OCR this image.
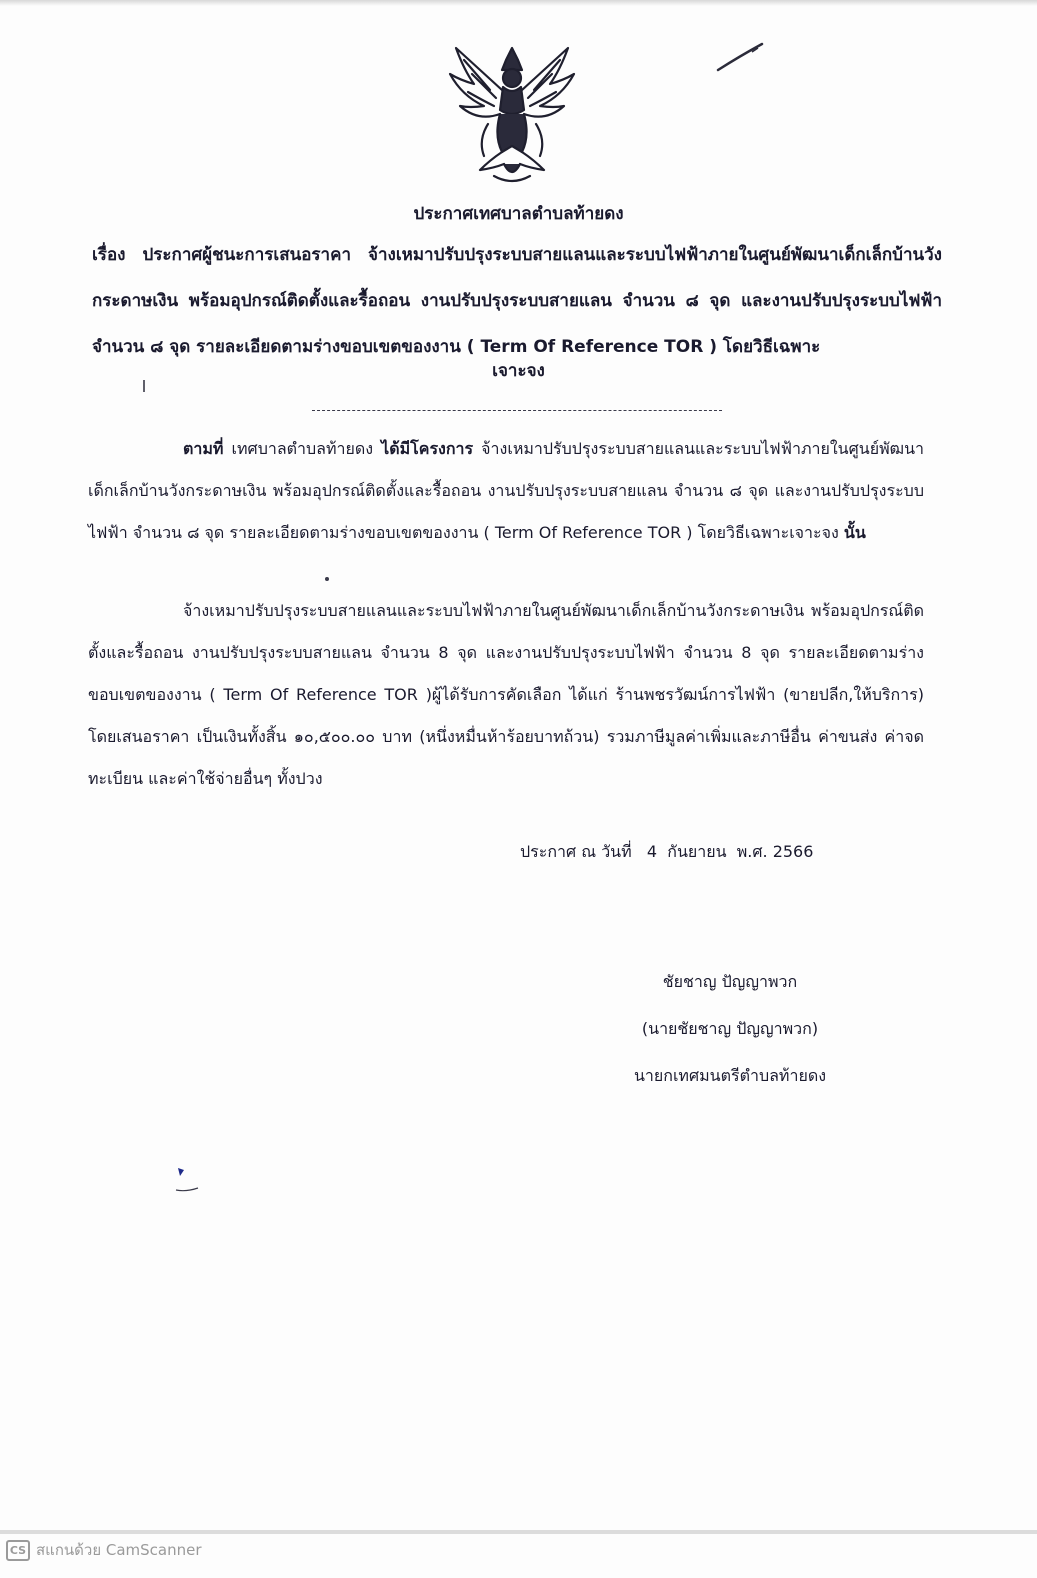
ประกาศเทศบาลตำบลท้ายดง
เรื่อง ประกาศผู้ชนะการเสนอราคา จ้างเหมาปรับปรุงระบบสายแลนและระบบไฟฟ้าภายในศูนย์พัฒนาเด็กเล็กบ้านวังกระดาษเงิน พร้อมอุปกรณ์ติดตั้งและรื้อถอน งานปรับปรุงระบบสายแลน จำนวน ๘ จุด และงานปรับปรุงระบบไฟฟ้า จำนวน ๘ จุด รายละเอียดตามร่างขอบเขตของงาน ( Term Of Reference TOR ) โดยวิธีเฉพาะ
เจาะจง
ตามที่ เทศบาลตำบลท้ายดง ได้มีโครงการ จ้างเหมาปรับปรุงระบบสายแลนและระบบไฟฟ้าภายในศูนย์พัฒนาเด็กเล็กบ้านวังกระดาษเงิน พร้อมอุปกรณ์ติดตั้งและรื้อถอน งานปรับปรุงระบบสายแลน จำนวน ๘ จุด และงานปรับปรุงระบบไฟฟ้า จำนวน ๘ จุด รายละเอียดตามร่างขอบเขตของงาน ( Term Of Reference TOR ) โดยวิธีเฉพาะเจาะจง นั้น
จ้างเหมาปรับปรุงระบบสายแลนและระบบไฟฟ้าภายในศูนย์พัฒนาเด็กเล็กบ้านวังกระดาษเงิน พร้อมอุปกรณ์ติดตั้งและรื้อถอน งานปรับปรุงระบบสายแลน จำนวน 8 จุด และงานปรับปรุงระบบไฟฟ้า จำนวน 8 จุด รายละเอียดตามร่างขอบเขตของงาน ( Term Of Reference TOR )ผู้ได้รับการคัดเลือก ได้แก่ ร้านพชรวัฒน์การไฟฟ้า (ขายปลีก,ให้บริการ) โดยเสนอราคา เป็นเงินทั้งสิ้น ๑๐,๕๐๐.๐๐ บาท (หนึ่งหมื่นห้าร้อยบาทถ้วน) รวมภาษีมูลค่าเพิ่มและภาษีอื่น ค่าขนส่ง ค่าจดทะเบียน และค่าใช้จ่ายอื่นๆ ทั้งปวง
ประกาศ ณ วันที่   4  กันยายน  พ.ศ. 2566
ชัยชาญ ปัญญาพวก
(นายชัยชาญ ปัญญาพวก)
นายกเทศมนตรีตำบลท้ายดง
CS สแกนด้วย CamScanner
